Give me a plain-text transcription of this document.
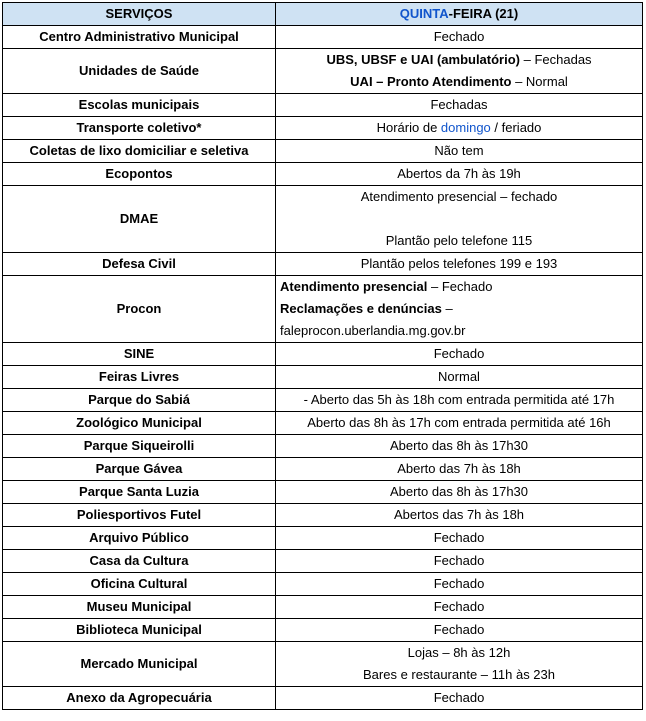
SERVIÇOS	QUINTA-FEIRA (21)
Centro Administrativo Municipal	Fechado
Unidades de Saúde	UBS, UBSF e UAI (ambulatório) – Fechadas
UAI – Pronto Atendimento – Normal

Escolas municipais	Fechadas
Transporte coletivo*	Horário de domingo / feriado
Coletas de lixo domiciliar e seletiva	Não tem
Ecopontos	Abertos da 7h às 19h
DMAE	Atendimento presencial – fechado
Plantão pelo telefone 115

Defesa Civil	Plantão pelos telefones 199 e 193
Procon	Atendimento presencial – Fechado
Reclamações e denúncias –
faleprocon.uberlandia.mg.gov.br

SINE	Fechado
Feiras Livres	Normal
Parque do Sabiá	- Aberto das 5h às 18h com entrada permitida até 17h
Zoológico Municipal	Aberto das 8h às 17h com entrada permitida até 16h
Parque Siqueirolli	Aberto das 8h às 17h30
Parque Gávea	Aberto das 7h às 18h
Parque Santa Luzia	Aberto das 8h às 17h30
Poliesportivos Futel	Abertos das 7h às 18h
Arquivo Público	Fechado
Casa da Cultura	Fechado
Oficina Cultural	Fechado
Museu Municipal	Fechado
Biblioteca Municipal	Fechado
Mercado Municipal	Lojas – 8h às 12h
Bares e restaurante – 11h às 23h

Anexo da Agropecuária	Fechado
